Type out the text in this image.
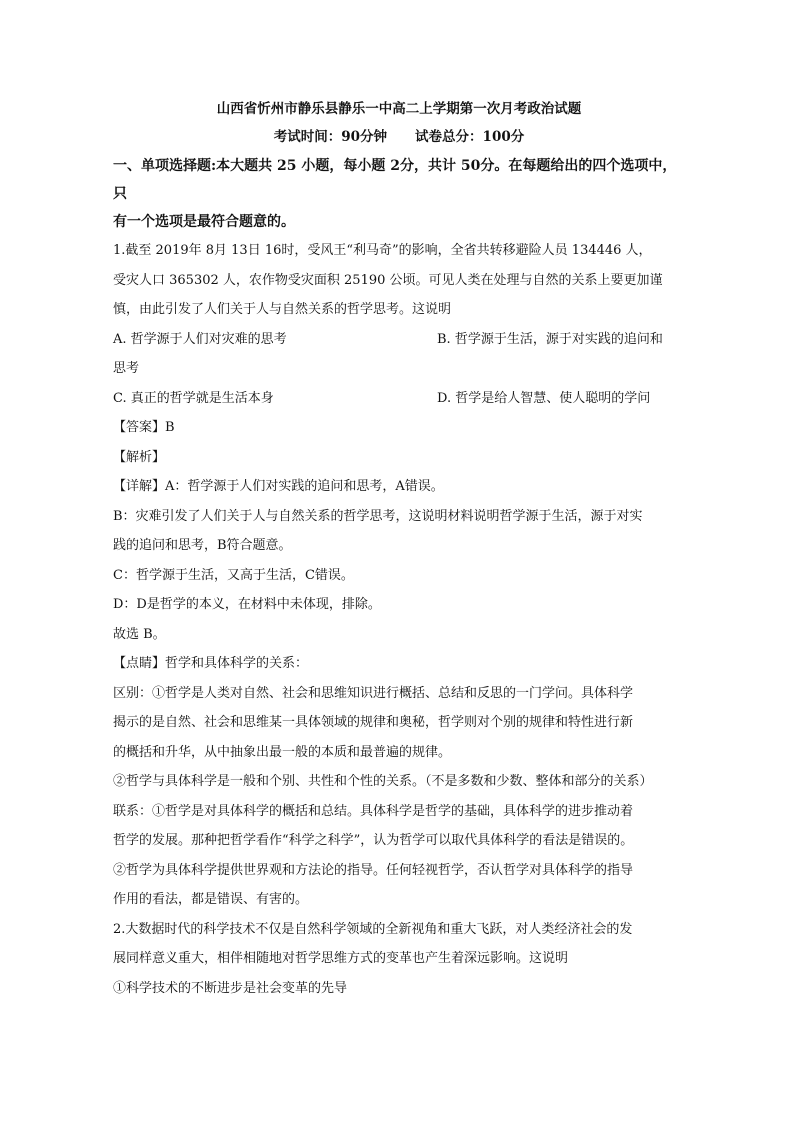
山西省忻州市静乐县静乐一中高二上学期第一次月考政治试题
考试时间：90分钟 试卷总分：100分
一、单项选择题:本大题共 25 小题，每小题 2分，共计 50分。在每题给出的四个选项中，只
有一个选项是最符合题意的。

1.截至 2019年 8月 13日 16时，受风王“利马奇”的影响，全省共转移避险人员 134446 人，

受灾人口 365302 人，农作物受灾面积 25190 公顷。可见人类在处理与自然的关系上要更加谨

慎，由此引发了人们关于人与自然关系的哲学思考。这说明

A. 哲学源于人们对灾难的思考	B. 哲学源于生活，源于对实践的追问和
思考
C. 真正的哲学就是生活本身	D. 哲学是给人智慧、使人聪明的学问

【答案】B

【解析】

【详解】A：哲学源于人们对实践的追问和思考，A错误。

B：灾难引发了人们关于人与自然关系的哲学思考，这说明材料说明哲学源于生活，源于对实

践的追问和思考，B符合题意。

C：哲学源于生活，又高于生活，C错误。

D：D是哲学的本义，在材料中未体现，排除。

故选 B。

【点睛】哲学和具体科学的关系：

区别：①哲学是人类对自然、社会和思维知识进行概括、总结和反思的一门学问。具体科学

揭示的是自然、社会和思维某一具体领域的规律和奥秘，哲学则对个别的规律和特性进行新

的概括和升华，从中抽象出最一般的本质和最普遍的规律。

②哲学与具体科学是一般和个别、共性和个性的关系。（不是多数和少数、整体和部分的关系）

联系：①哲学是对具体科学的概括和总结。具体科学是哲学的基础，具体科学的进步推动着

哲学的发展。那种把哲学看作“科学之科学”，认为哲学可以取代具体科学的看法是错误的。

②哲学为具体科学提供世界观和方法论的指导。任何轻视哲学，否认哲学对具体科学的指导

作用的看法，都是错误、有害的。

2.大数据时代的科学技术不仅是自然科学领域的全新视角和重大飞跃，对人类经济社会的发

展同样意义重大，相伴相随地对哲学思维方式的变革也产生着深远影响。这说明

①科学技术的不断进步是社会变革的先导
